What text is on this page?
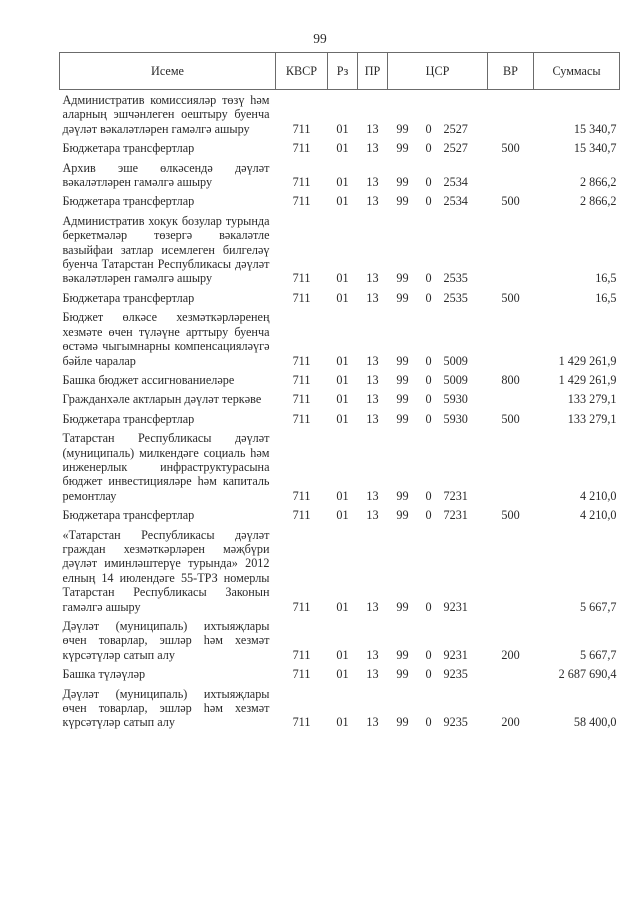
99
Исеме	КВСР	Рз	ПР	ЦСР			ВР	Суммасы
Административ комиссияләр төзү һәм аларның эшчәнлеген оештыру буенча дәүләт вәкаләтләрен гамәлгә ашыру	711	01	13	99	0	2527		15 340,7
Бюджетара трансфертлар	711	01	13	99	0	2527	500	15 340,7
Архив эше өлкәсендә дәүләт вәкаләтләрен гамәлгә ашыру	711	01	13	99	0	2534		2 866,2
Бюджетара трансфертлар	711	01	13	99	0	2534	500	2 866,2
Административ хокук бозулар турында беркетмәләр төзергә вәкаләтле вазыйфаи затлар исемлеген билгеләү буенча Татарстан Республикасы дәүләт вәкаләтләрен гамәлгә ашыру	711	01	13	99	0	2535		16,5
Бюджетара трансфертлар	711	01	13	99	0	2535	500	16,5
Бюджет өлкәсе хезмәткәрләренең хезмәте өчен түләүне арттыру буенча өстәмә чыгымнарны компенсацияләүгә бәйле чаралар	711	01	13	99	0	5009		1 429 261,9
Башка бюджет ассигнованиеләре	711	01	13	99	0	5009	800	1 429 261,9
Гражданхәле актларын дәүләт теркәве	711	01	13	99	0	5930		133 279,1
Бюджетара трансфертлар	711	01	13	99	0	5930	500	133 279,1
Татарстан Республикасы дәүләт (муниципаль) милкендәге социаль һәм инженерлык инфраструктурасына бюджет инвестицияләре һәм капиталь ремонтлау	711	01	13	99	0	7231		4 210,0
Бюджетара трансфертлар	711	01	13	99	0	7231	500	4 210,0
«Татарстан Республикасы дәүләт граждан хезмәткәрләрен мәҗбүри дәүләт иминләштерүе турында» 2012 елның 14 июлендәге 55-ТРЗ номерлы Татарстан Республикасы Законын гамәлгә ашыру	711	01	13	99	0	9231		5 667,7
Дәүләт (муниципаль) ихтыяҗлары өчен товарлар, эшләр һәм хезмәт күрсәтүләр сатып алу	711	01	13	99	0	9231	200	5 667,7
Башка түләүләр	711	01	13	99	0	9235		2 687 690,4
Дәүләт (муниципаль) ихтыяҗлары өчен товарлар, эшләр һәм хезмәт күрсәтүләр сатып алу	711	01	13	99	0	9235	200	58 400,0
